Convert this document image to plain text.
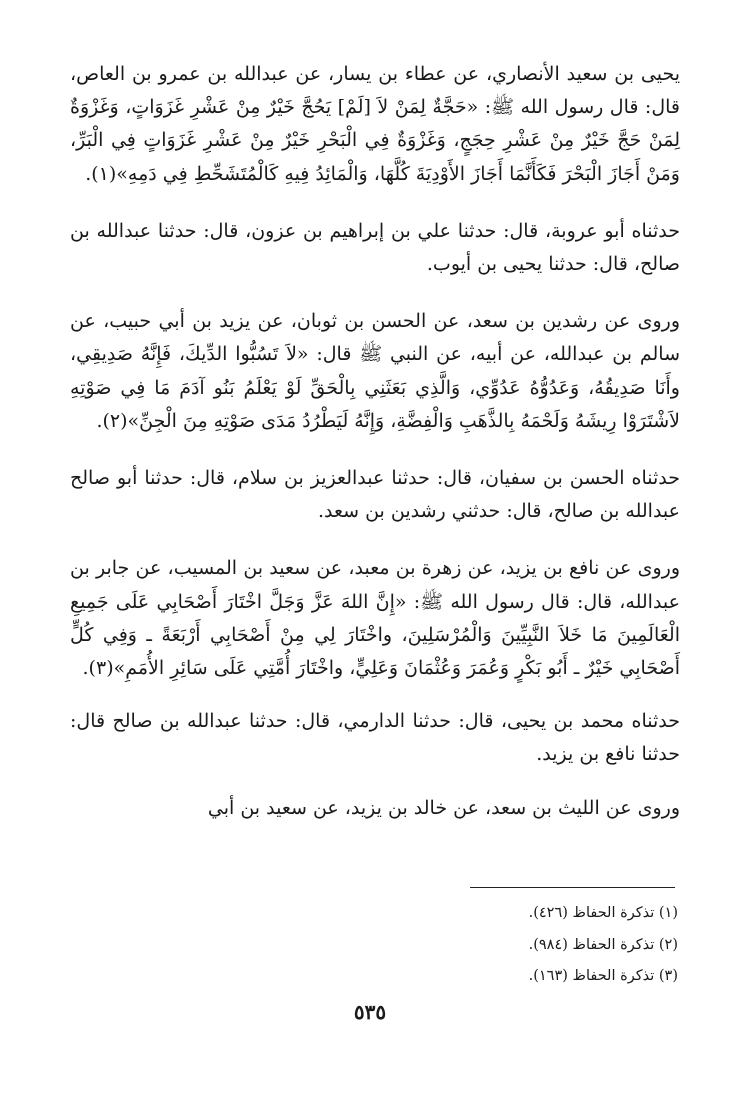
يحيى بن سعيد الأنصاري، عن عطاء بن يسار، عن عبدالله بن عمرو بن العاص، قال: قال رسول الله ﷺ: «حَجَّةٌ لِمَنْ لاَ [لَمْ] يَحُجَّ خَيْرٌ مِنْ عَشْرِ غَزَوَاتٍ، وَغَزْوَةٌ لِمَنْ حَجَّ خَيْرٌ مِنْ عَشْرِ حِجَجٍ، وَغَزْوَةٌ فِي الْبَحْرِ خَيْرٌ مِنْ عَشْرِ غَزَوَاتٍ فِي الْبَرِّ، وَمَنْ أَجَازَ الْبَحْرَ فَكَأَنَّمَا أَجَازَ الأَوْدِيَةَ كُلَّهَا، وَالْمَائِدُ فِيهِ كَالْمُتَشَحِّطِ فِي دَمِهِ»(١).

حدثناه أبو عروبة، قال: حدثنا علي بن إبراهيم بن عزون، قال: حدثنا عبدالله بن صالح، قال: حدثنا يحيى بن أيوب.

وروى عن رشدين بن سعد، عن الحسن بن ثوبان، عن يزيد بن أبي حبيب، عن سالم بن عبدالله، عن أبيه، عن النبي ﷺ قال: «لاَ تَسُبُّوا الدِّيكَ، فَإِنَّهُ صَدِيقِي، وأَنَا صَدِيقُهُ، وَعَدُوُّهُ عَدُوِّي، وَالَّذِي بَعَثَنِي بِالْحَقِّ لَوْ يَعْلَمُ بَنُو آدَمَ مَا فِي صَوْتِهِ لاَشْتَرَوْا رِيشَهُ وَلَحْمَهُ بِالذَّهَبِ وَالْفِضَّةِ، وَإِنَّهُ لَيَطْرُدُ مَدَى صَوْتِهِ مِنَ الْجِنِّ»(٢).

حدثناه الحسن بن سفيان، قال: حدثنا عبدالعزيز بن سلام، قال: حدثنا أبو صالح عبدالله بن صالح، قال: حدثني رشدين بن سعد.

وروى عن نافع بن يزيد، عن زهرة بن معبد، عن سعيد بن المسيب، عن جابر بن عبدالله، قال: قال رسول الله ﷺ: «إِنَّ اللهَ عَزَّ وَجَلَّ اخْتَارَ أَصْحَابِي عَلَى جَمِيعِ الْعَالَمِينَ مَا خَلاَ النَّبِيِّينَ وَالْمُرْسَلِينَ، واخْتَارَ لِي مِنْ أَصْحَابِي أَرْبَعَةً ـ وَفِي كُلٍّ أَصْحَابِي خَيْرٌ ـ أَبُو بَكْرٍ وَعُمَرَ وَعُثْمَانَ وَعَلِيٍّ، واخْتَارَ أُمَّتِي عَلَى سَائِرِ الأُمَمِ»(٣).

حدثناه محمد بن يحيى، قال: حدثنا الدارمي، قال: حدثنا عبدالله بن صالح قال: حدثنا نافع بن يزيد.

وروى عن الليث بن سعد، عن خالد بن يزيد، عن سعيد بن أبي

(١) تذكرة الحفاظ (٤٢٦).
(٢) تذكرة الحفاظ (٩٨٤).
(٣) تذكرة الحفاظ (١٦٣).
٥٣٥
